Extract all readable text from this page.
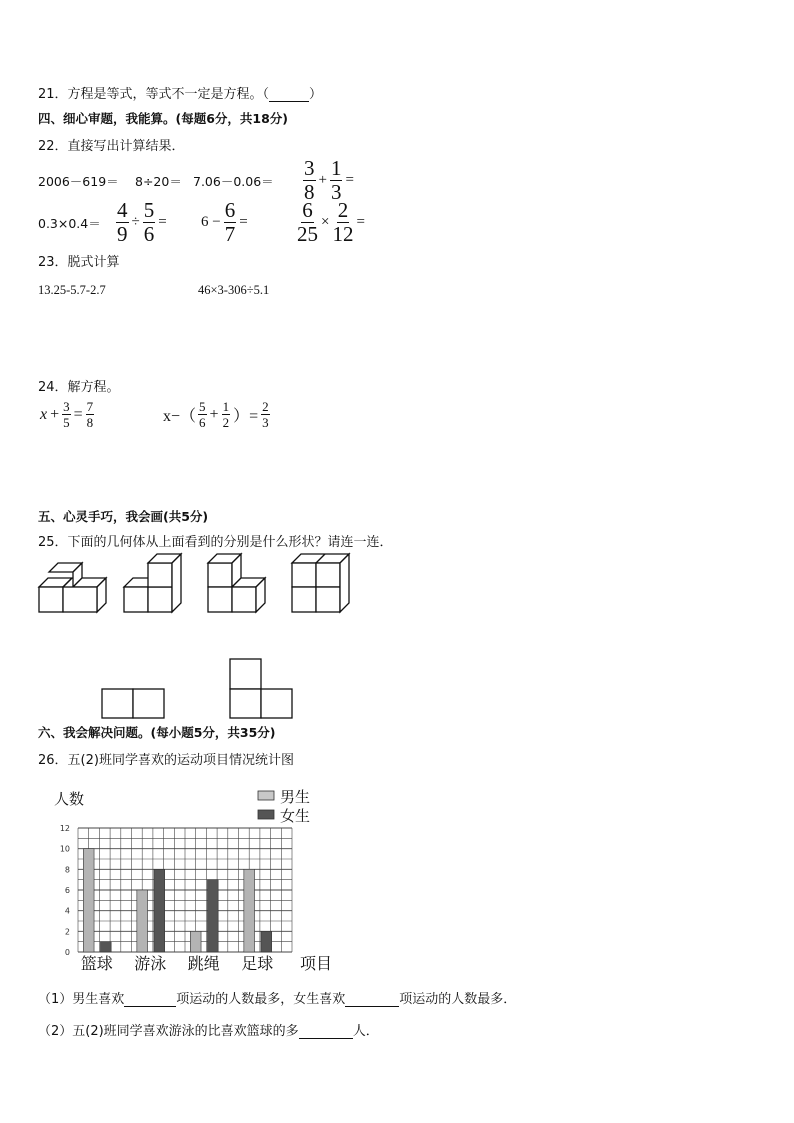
21．方程是等式，等式不一定是方程。（	）
四、细心审题，我能算。(每题6分，共18分)
22．直接写出计算结果．
$2006-619= 8\div 20= 7.06-0.06= \frac{3}{8} + \frac{1}{3}$ =
$0.3\times 0.4= \frac{4}{9} \div \frac{5}{6} = 6 - \frac{6}{7} = \frac{6}{25} \times \frac{2}{12}$ =
23．脱式计算
13.25-5.7-2.7	46×3-306÷5.1
24．解方程。
$x + \frac{3}{5} = \frac{7}{8}$	$x-( \frac{5}{6} + \frac{1}{2}$ ）= $\frac{2}{3}$
五、心灵手巧，我会画(共5分)
25．下面的几何体从上面看到的分别是什么形状？请连一连．
六、我会解决问题。(每小题5分，共35分)
26．五(2)班同学喜欢的运动项目情况统计图
人数	男生
女生
0
2
4
6
8
10
12
篮球 游泳 跳绳 足球 项目
（1）男生喜欢	项运动的人数最多，女生喜欢	项运动的人数最多．
（2）五(2)班同学喜欢游泳的比喜欢篮球的多	人．
